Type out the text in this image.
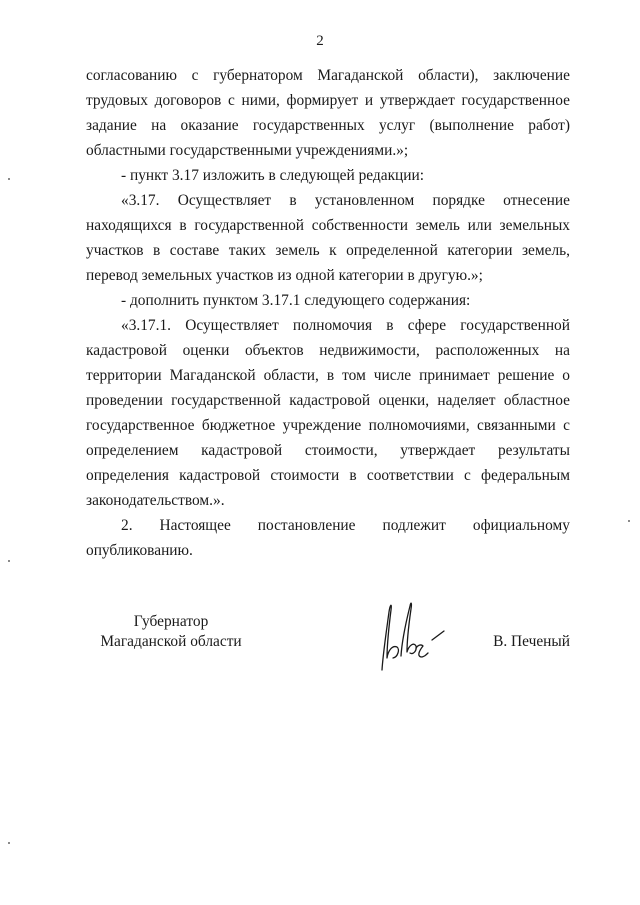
2

согласованию с губернатором Магаданской области), заключение трудовых договоров с ними, формирует и утверждает государственное задание на оказание государственных услуг (выполнение работ) областными государственными учреждениями.»;

- пункт 3.17 изложить в следующей редакции:

«3.17. Осуществляет в установленном порядке отнесение находящихся в государственной собственности земель или земельных участков в составе таких земель к определенной категории земель, перевод земельных участков из одной категории в другую.»;

- дополнить пунктом 3.17.1 следующего содержания:

«3.17.1. Осуществляет полномочия в сфере государственной кадастровой оценки объектов недвижимости, расположенных на территории Магаданской области, в том числе принимает решение о проведении государственной кадастровой оценки, наделяет областное государственное бюджетное учреждение полномочиями, связанными с определением кадастровой стоимости, утверждает результаты определения кадастровой стоимости в соответствии с федеральным законодательством.».

2. Настоящее постановление подлежит официальному опубликованию.

Губернатор
Магаданской области	В. Печеный
